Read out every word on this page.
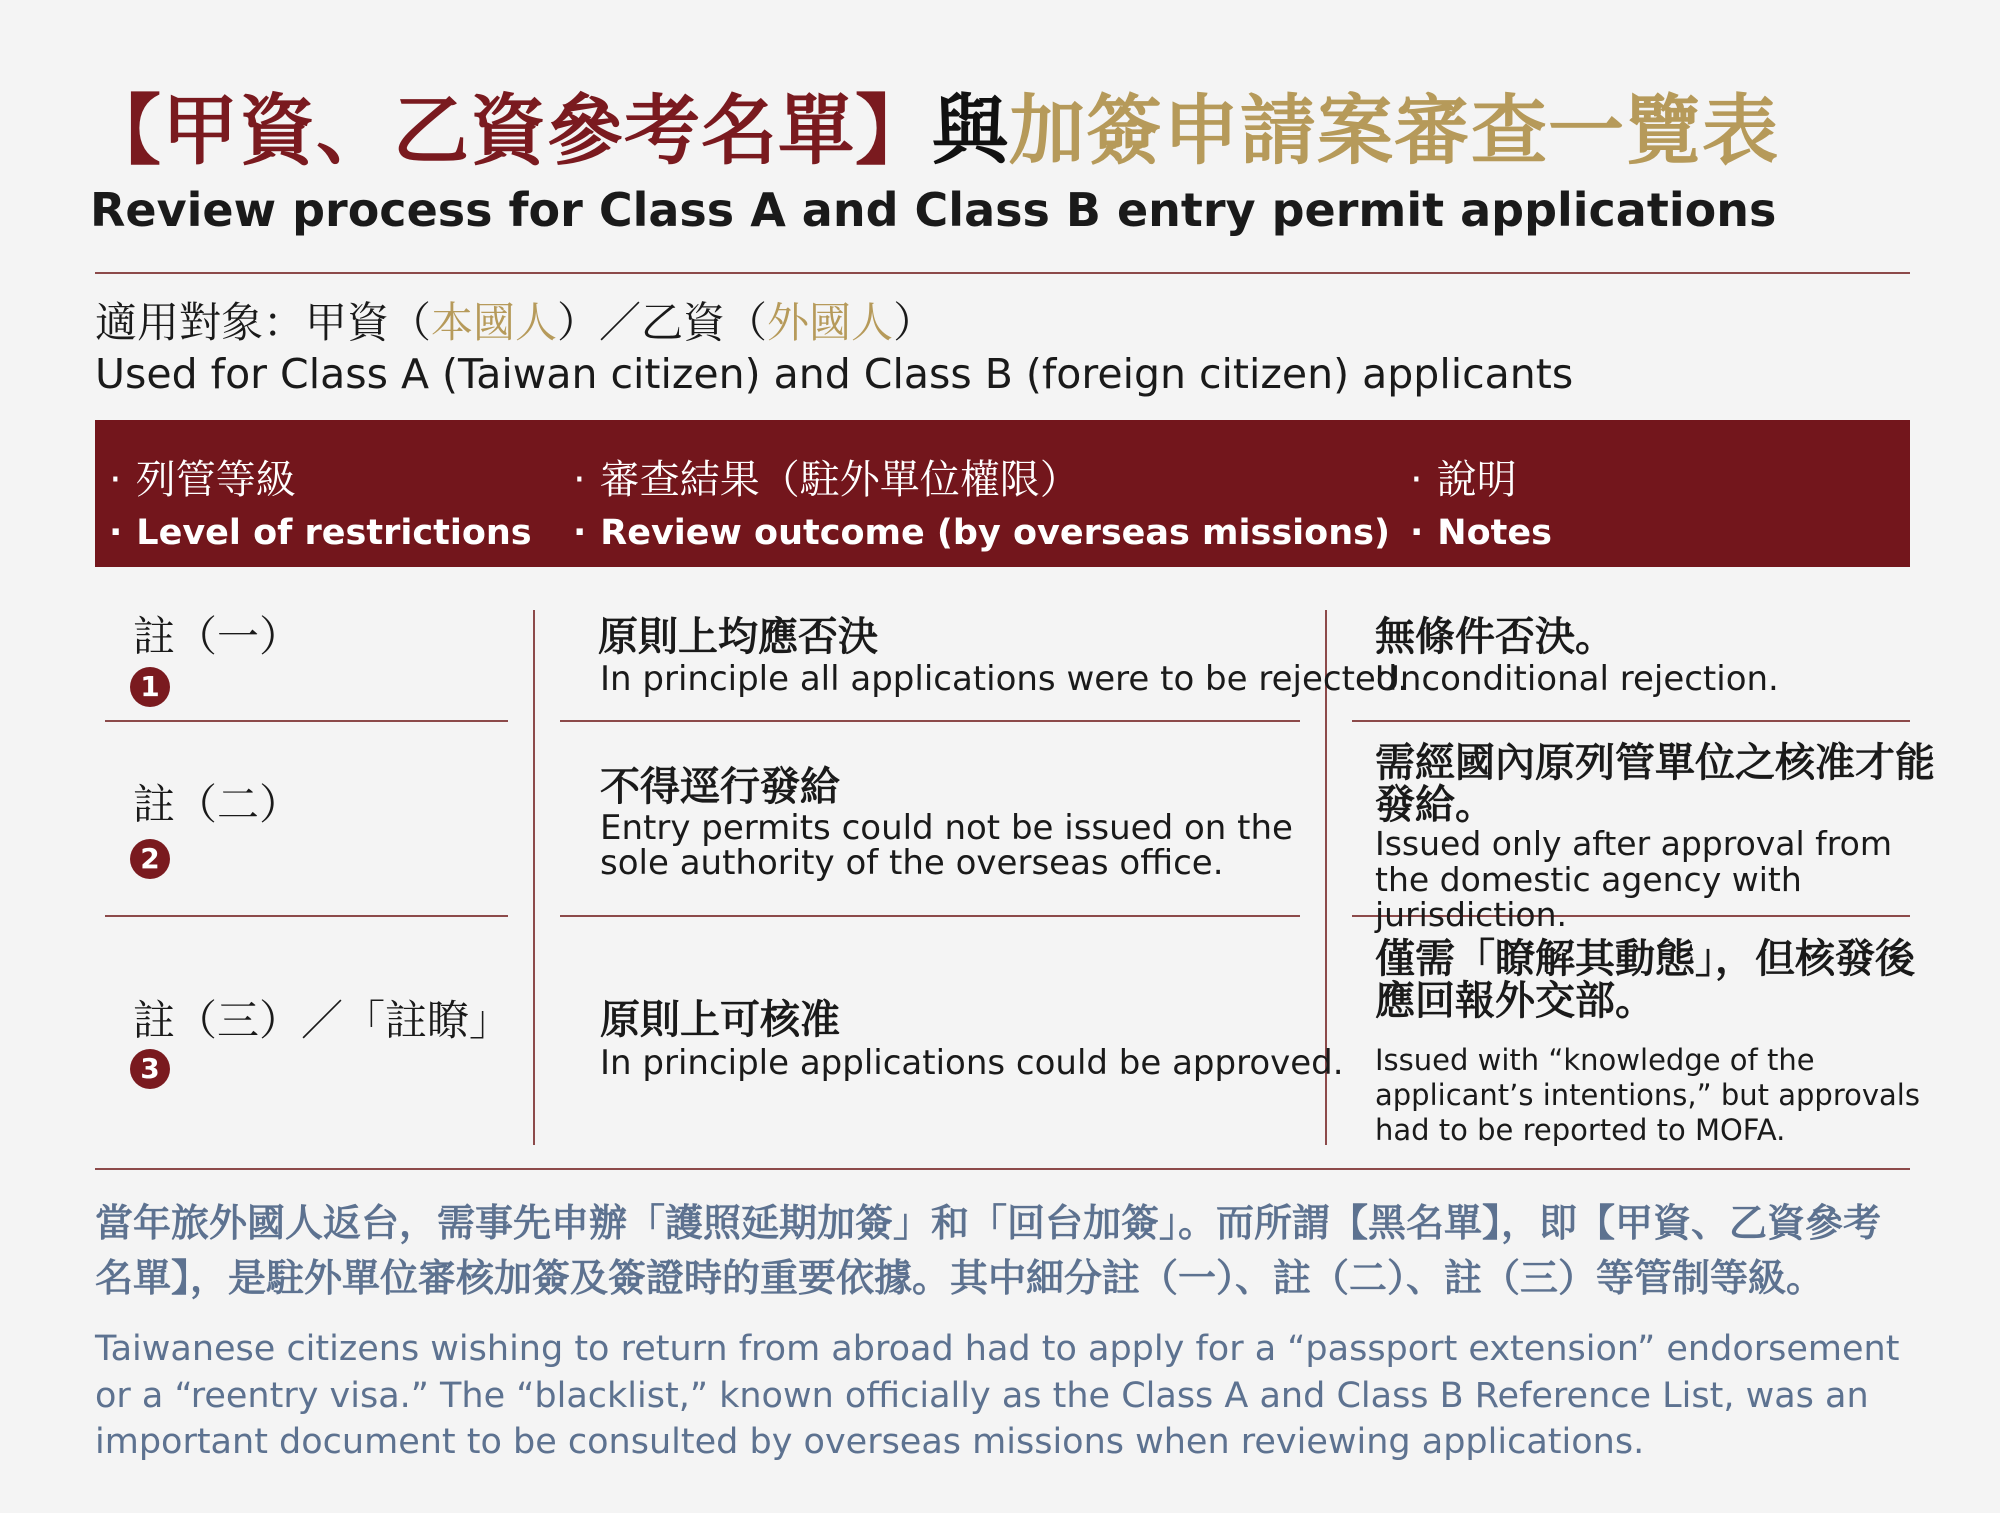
【甲資、乙資參考名單】與加簽申請案審查一覽表
Review process for Class A and Class B entry permit applications
適用對象：甲資（本國人）／乙資（外國人）
Used for Class A (Taiwan citizen) and Class B (foreign citizen) applicants
· 列管等級
· Level of restrictions
· 審查結果（駐外單位權限）
· Review outcome (by overseas missions)
· 說明
· Notes
註（一）
1
原則上均應否決
In principle all applications were to be rejected.
無條件否決。
Unconditional rejection.
註（二）
2
不得逕行發給
Entry permits could not be issued on the
sole authority of the overseas office.
需經國內原列管單位之核准才能發給。
Issued only after approval from the domestic agency with jurisdiction.
註（三）／「註瞭」
3
原則上可核准
In principle applications could be approved.
僅需「瞭解其動態」，但核發後應回報外交部。
Issued with “knowledge of the applicant’s intentions,” but approvals had to be reported to MOFA.
當年旅外國人返台，需事先申辦「護照延期加簽」和「回台加簽」。而所謂【黑名單】，即【甲資、乙資參考名單】，是駐外單位審核加簽及簽證時的重要依據。其中細分註（一）、註（二）、註（三）等管制等級。
Taiwanese citizens wishing to return from abroad had to apply for a “passport extension” endorsement or a “reentry visa.” The “blacklist,” known officially as the Class A and Class B Reference List, was an important document to be consulted by overseas missions when reviewing applications.
